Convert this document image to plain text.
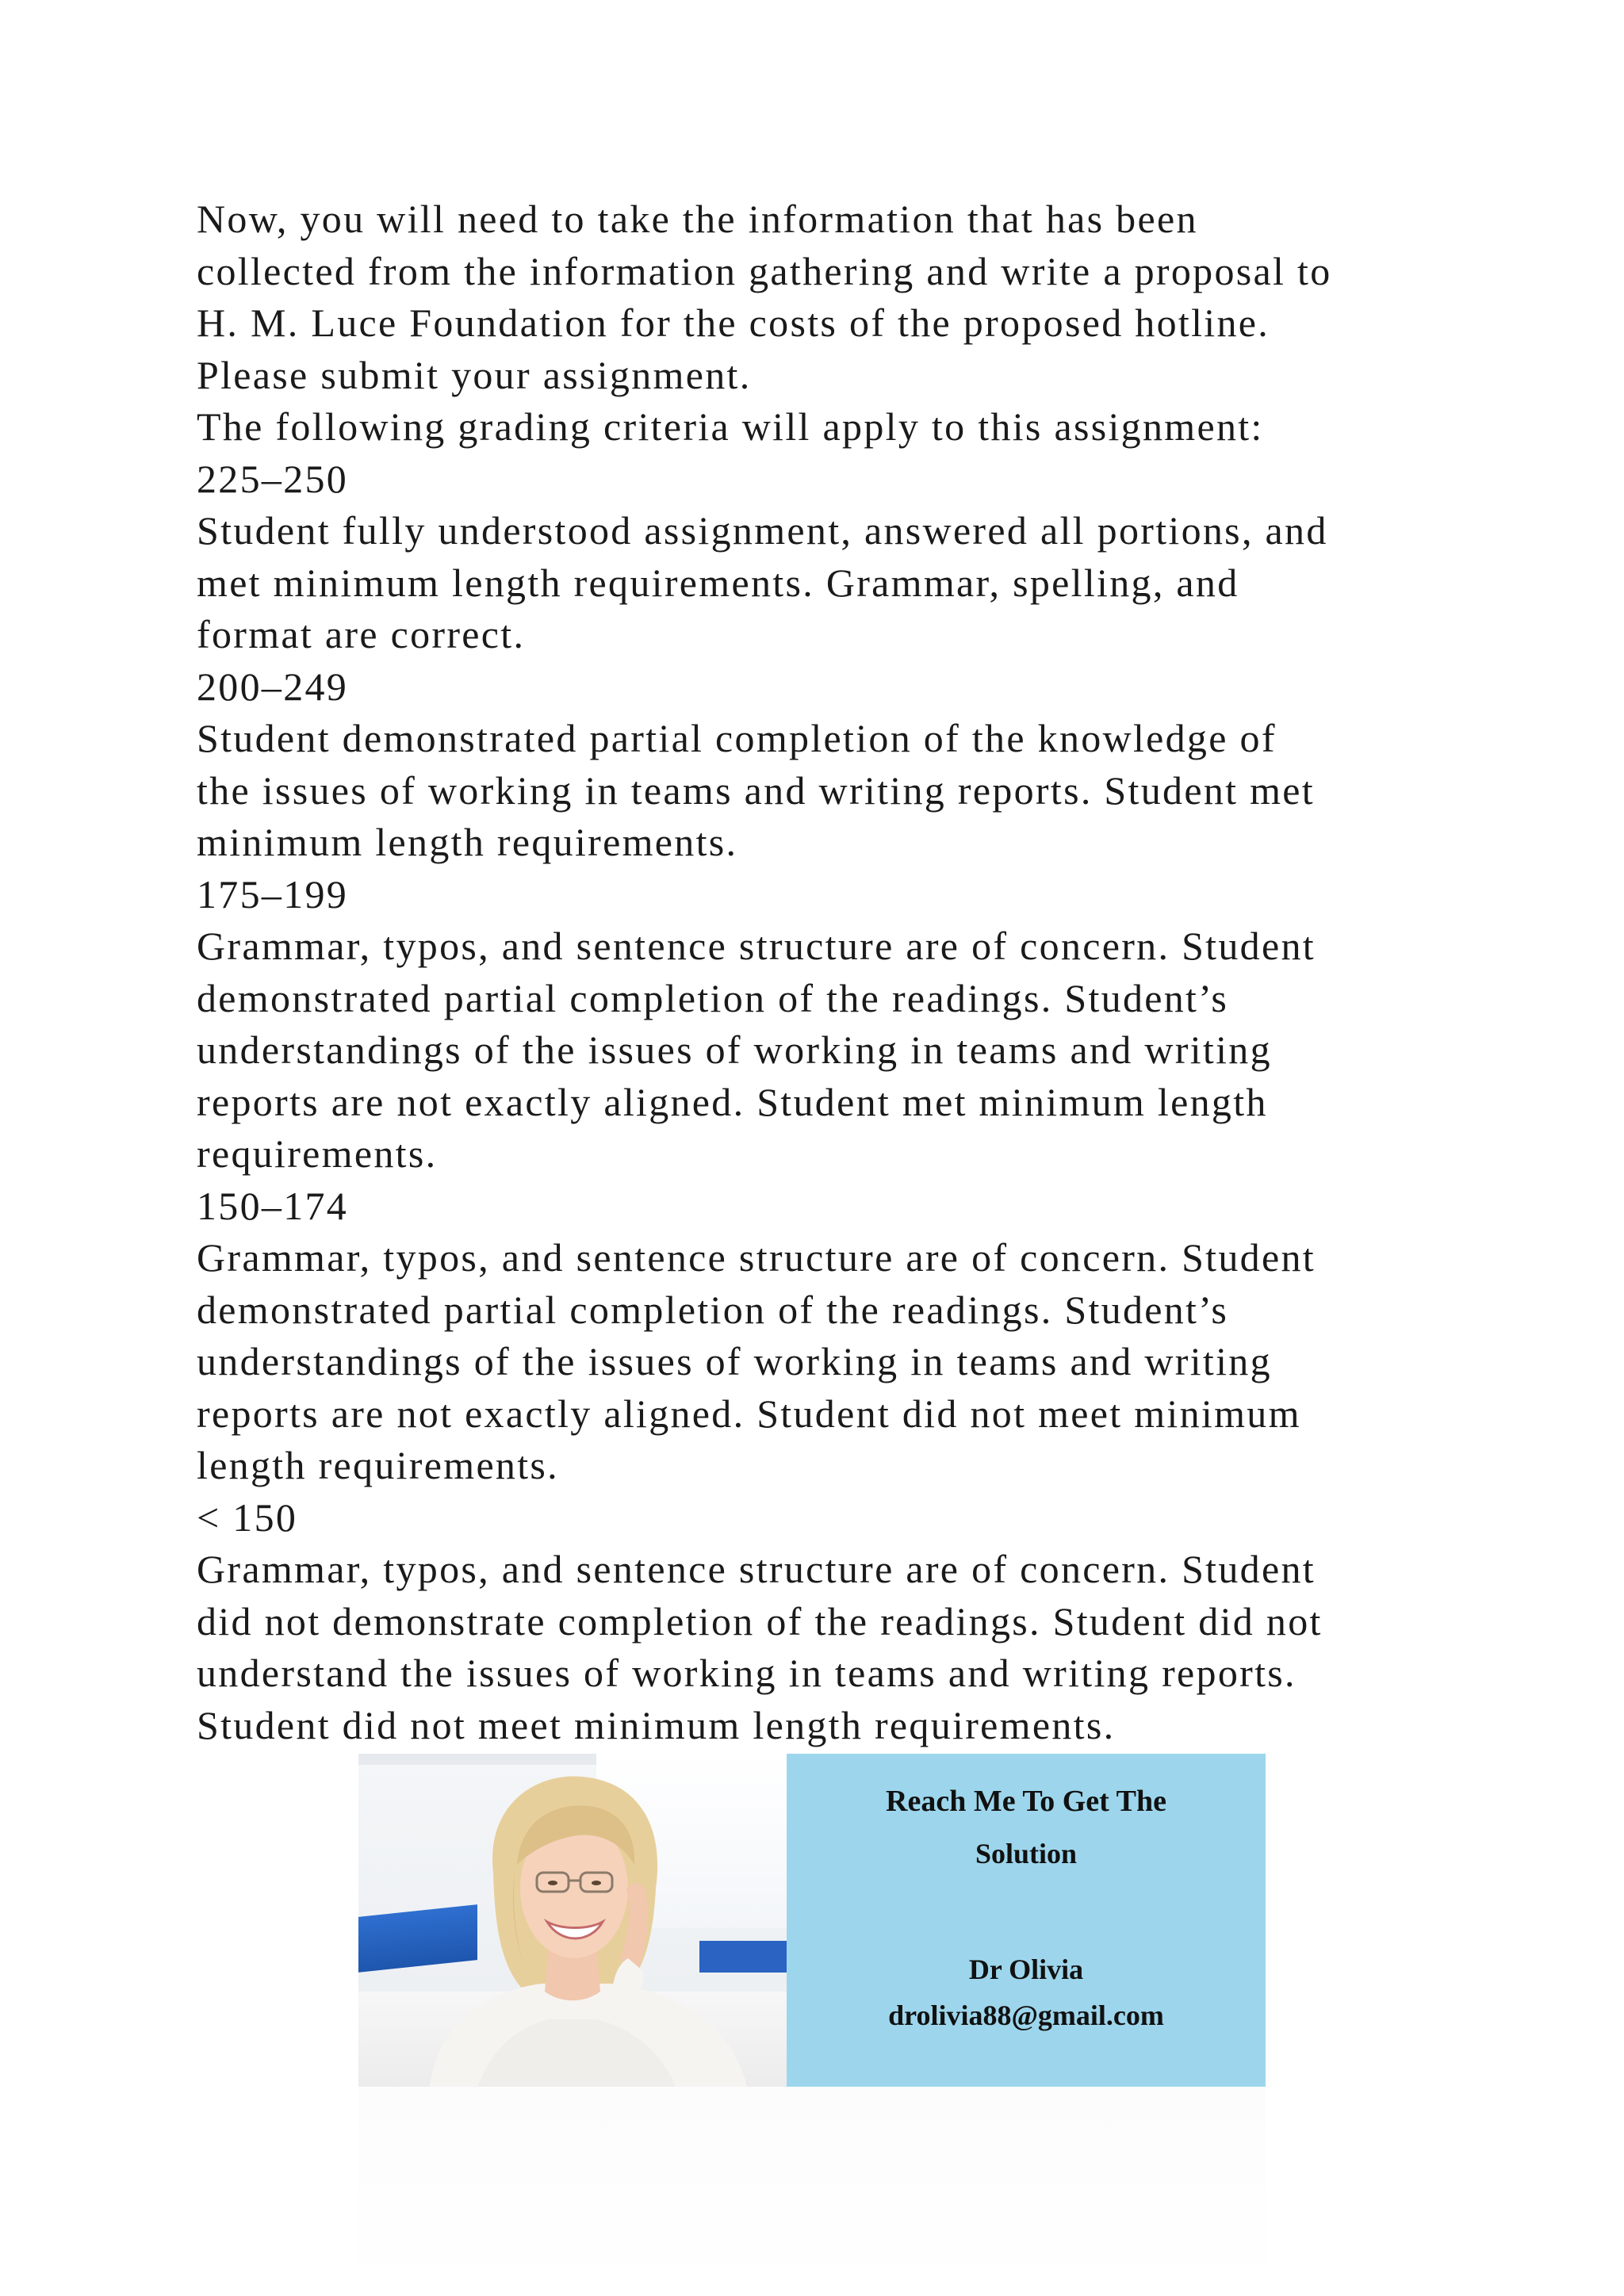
Now, you will need to take the information that has been
collected from the information gathering and write a proposal to
H. M. Luce Foundation for the costs of the proposed hotline.
Please submit your assignment.
The following grading criteria will apply to this assignment:
225–250
Student fully understood assignment, answered all portions, and
met minimum length requirements. Grammar, spelling, and
format are correct.
200–249
Student demonstrated partial completion of the knowledge of
the issues of working in teams and writing reports. Student met
minimum length requirements.
175–199
Grammar, typos, and sentence structure are of concern. Student
demonstrated partial completion of the readings. Student’s
understandings of the issues of working in teams and writing
reports are not exactly aligned. Student met minimum length
requirements.
150–174
Grammar, typos, and sentence structure are of concern. Student
demonstrated partial completion of the readings. Student’s
understandings of the issues of working in teams and writing
reports are not exactly aligned. Student did not meet minimum
length requirements.
< 150
Grammar, typos, and sentence structure are of concern. Student
did not demonstrate completion of the readings. Student did not
understand the issues of working in teams and writing reports.
Student did not meet minimum length requirements.
Reach Me To Get The
Solution
Dr Olivia
drolivia88@gmail.com
